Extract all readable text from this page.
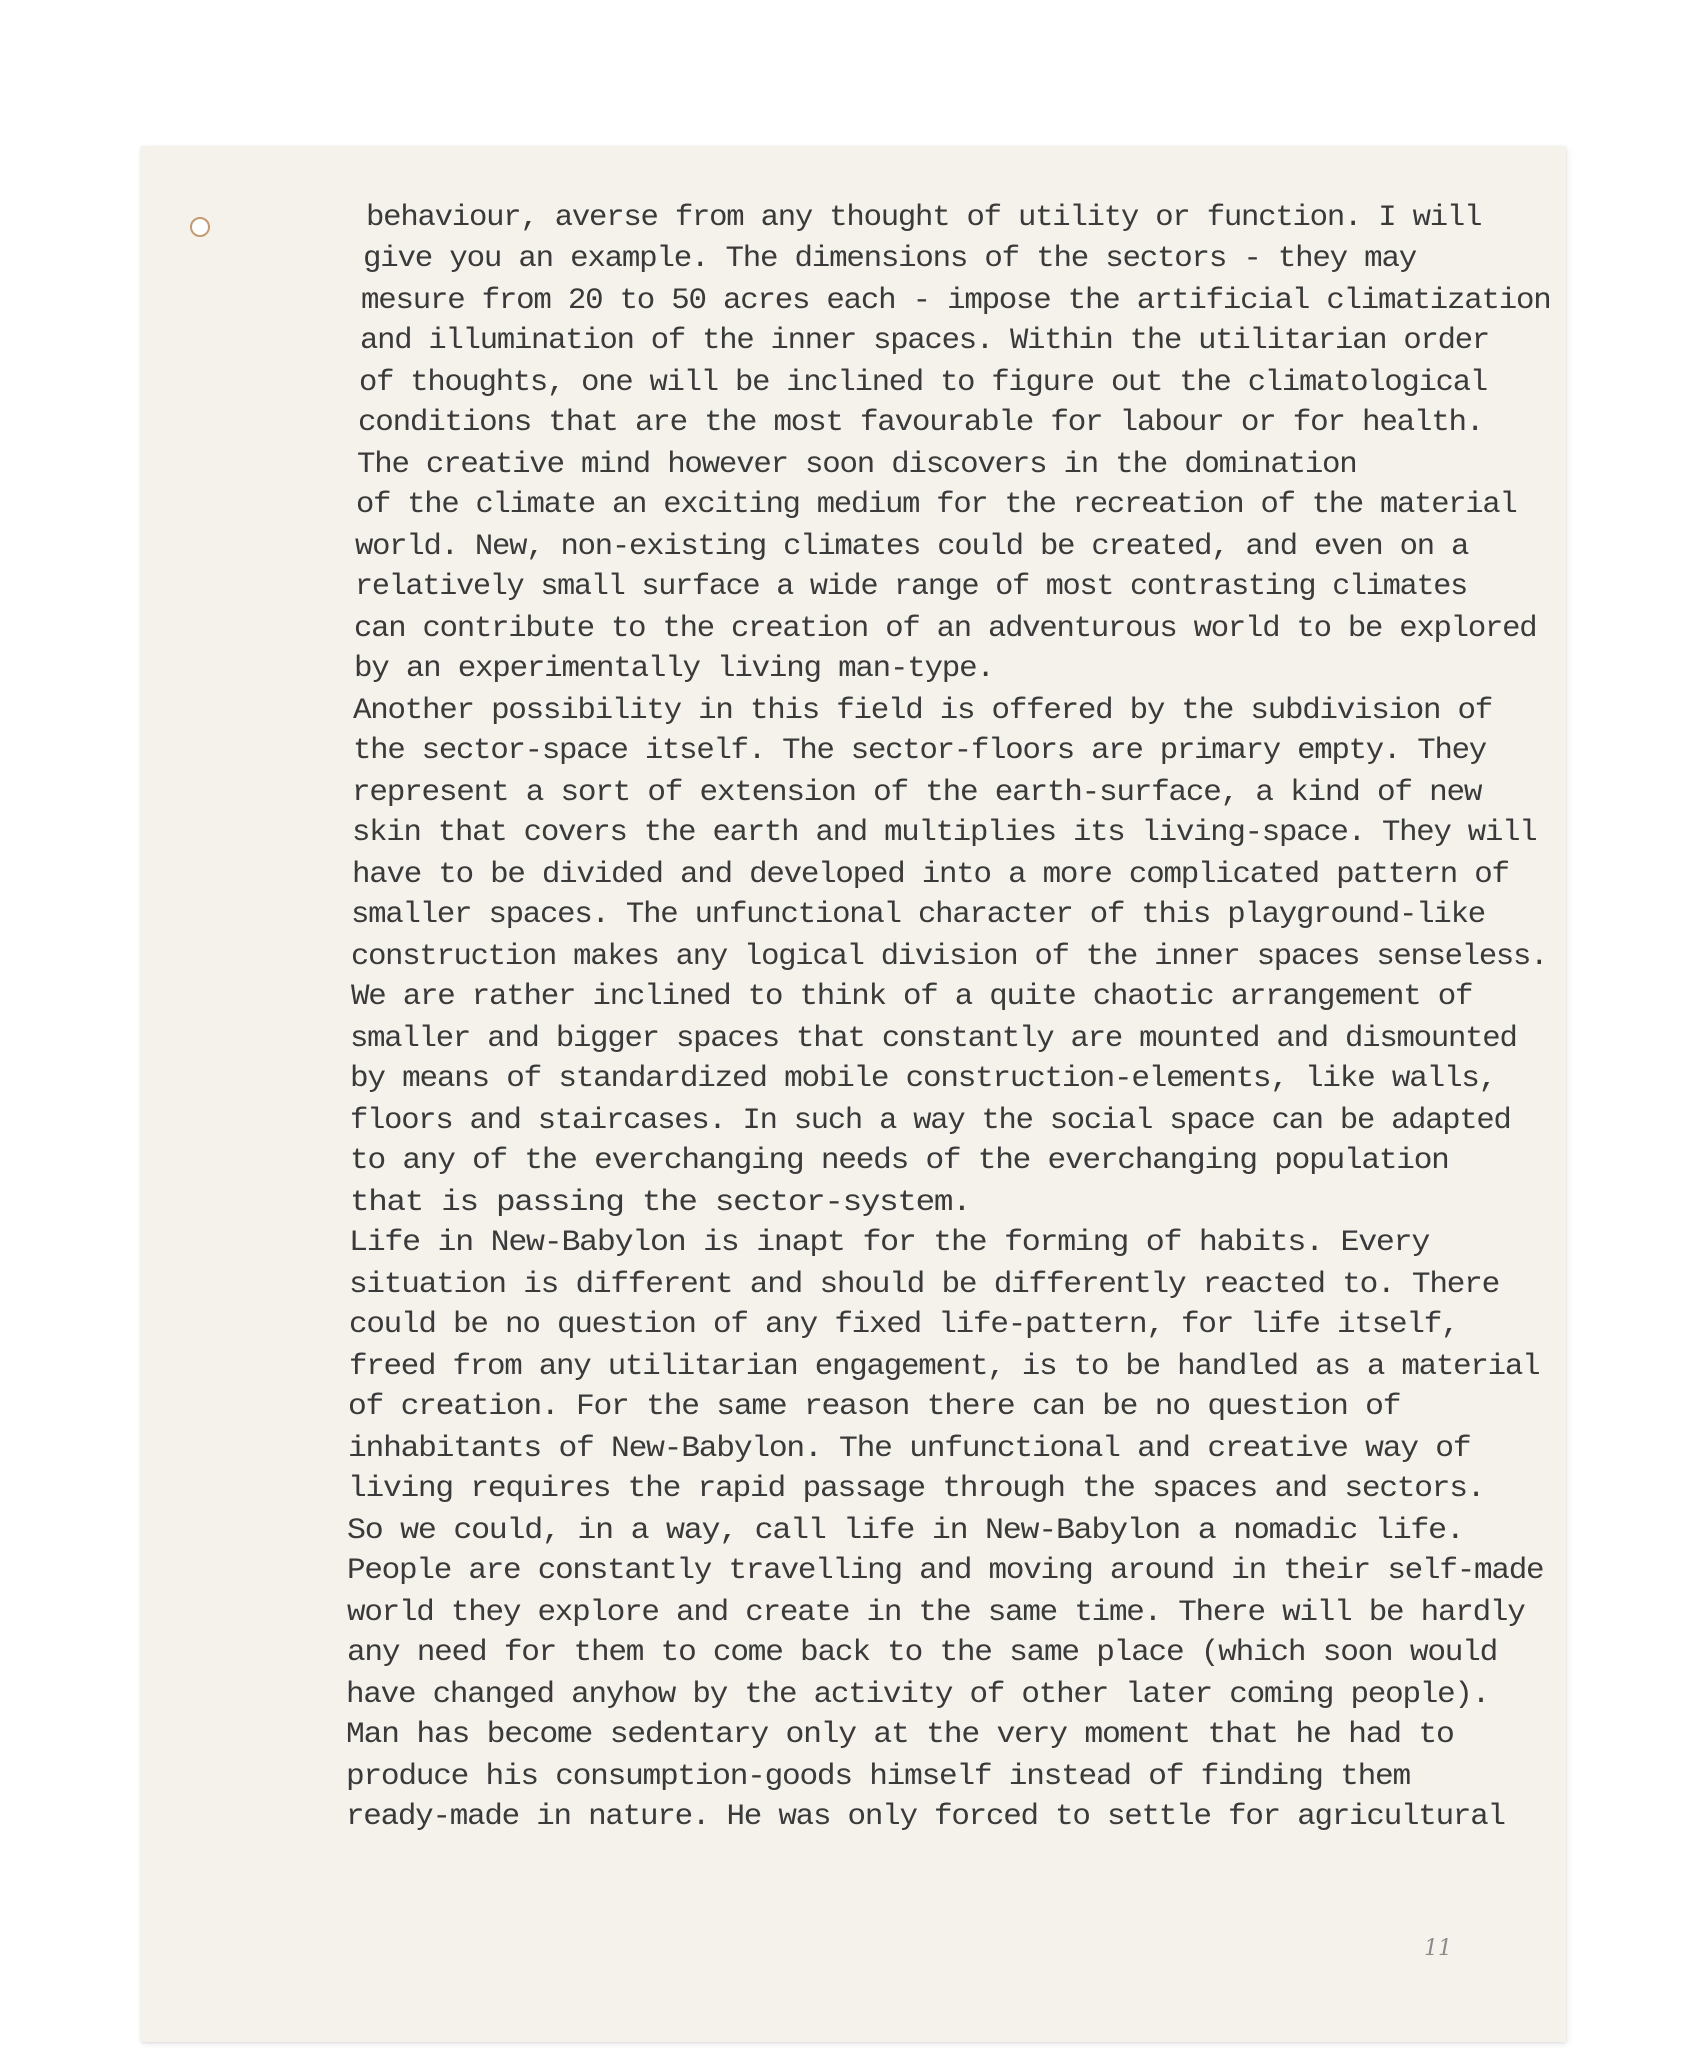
behaviour, averse from any thought of utility or function. I will
give you an example. The dimensions of the sectors - they may
mesure from 20 to 50 acres each - impose the artificial climatization
and illumination of the inner spaces. Within the utilitarian order
of thoughts, one will be inclined to figure out the climatological
conditions that are the most favourable for labour or for health.
The creative mind however soon discovers in the domination
of the climate an exciting medium for the recreation of the material
world. New, non-existing climates could be created, and even on a
relatively small surface a wide range of most contrasting climates
can contribute to the creation of an adventurous world to be explored
by an experimentally living man-type.
Another possibility in this field is offered by the subdivision of
the sector-space itself. The sector-floors are primary empty. They
represent a sort of extension of the earth-surface, a kind of new
skin that covers the earth and multiplies its living-space. They will
have to be divided and developed into a more complicated pattern of
smaller spaces. The unfunctional character of this playground-like
construction makes any logical division of the inner spaces senseless.
We are rather inclined to think of a quite chaotic arrangement of
smaller and bigger spaces that constantly are mounted and dismounted
by means of standardized mobile construction-elements, like walls,
floors and staircases. In such a way the social space can be adapted
to any of the everchanging needs of the everchanging population
that is passing the sector-system.
Life in New-Babylon is inapt for the forming of habits. Every
situation is different and should be differently reacted to. There
could be no question of any fixed life-pattern, for life itself,
freed from any utilitarian engagement, is to be handled as a material
of creation. For the same reason there can be no question of
inhabitants of New-Babylon. The unfunctional and creative way of
living requires the rapid passage through the spaces and sectors.
So we could, in a way, call life in New-Babylon a nomadic life.
People are constantly travelling and moving around in their self-made
world they explore and create in the same time. There will be hardly
any need for them to come back to the same place (which soon would
have changed anyhow by the activity of other later coming people).
Man has become sedentary only at the very moment that he had to
produce his consumption-goods himself instead of finding them
ready-made in nature. He was only forced to settle for agricultural
11
